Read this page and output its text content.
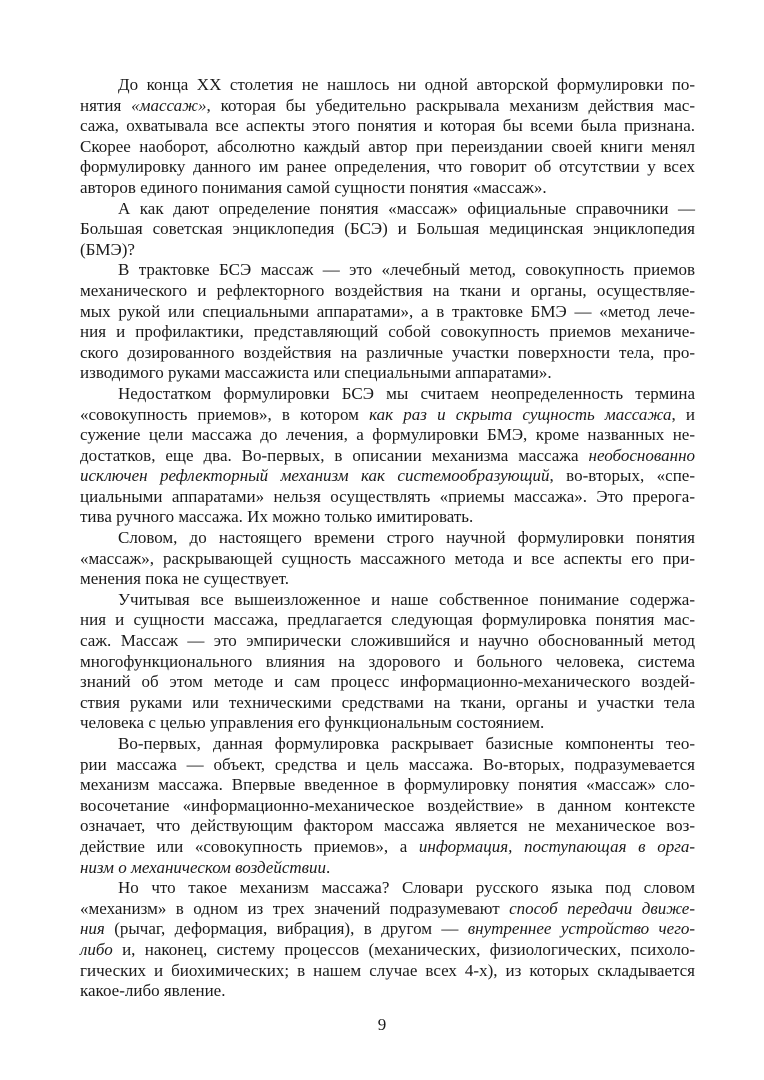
До конца XX столетия не нашлось ни одной авторской формулировки по-
нятия «массаж», которая бы убедительно раскрывала механизм действия мас-
сажа, охватывала все аспекты этого понятия и которая бы всеми была признана.
Скорее наоборот, абсолютно каждый автор при переиздании своей книги менял
формулировку данного им ранее определения, что говорит об отсутствии у всех
авторов единого понимания самой сущности понятия «массаж».
А как дают определение понятия «массаж» официальные справочники —
Большая советская энциклопедия (БСЭ) и Большая медицинская энциклопедия
(БМЭ)?
В трактовке БСЭ массаж — это «лечебный метод, совокупность приемов
механического и рефлекторного воздействия на ткани и органы, осуществляе-
мых рукой или специальными аппаратами», а в трактовке БМЭ — «метод лече-
ния и профилактики, представляющий собой совокупность приемов механиче-
ского дозированного воздействия на различные участки поверхности тела, про-
изводимого руками массажиста или специальными аппаратами».
Недостатком формулировки БСЭ мы считаем неопределенность термина
«совокупность приемов», в котором как раз и скрыта сущность массажа, и
сужение цели массажа до лечения, а формулировки БМЭ, кроме названных не-
достатков, еще два. Во-первых, в описании механизма массажа необоснованно
исключен рефлекторный механизм как системообразующий, во-вторых, «спе-
циальными аппаратами» нельзя осуществлять «приемы массажа». Это прерога-
тива ручного массажа. Их можно только имитировать.
Словом, до настоящего времени строго научной формулировки понятия
«массаж», раскрывающей сущность массажного метода и все аспекты его при-
менения пока не существует.
Учитывая все вышеизложенное и наше собственное понимание содержа-
ния и сущности массажа, предлагается следующая формулировка понятия мас-
саж. Массаж — это эмпирически сложившийся и научно обоснованный метод
многофункционального влияния на здорового и больного человека, система
знаний об этом методе и сам процесс информационно-механического воздей-
ствия руками или техническими средствами на ткани, органы и участки тела
человека с целью управления его функциональным состоянием.
Во-первых, данная формулировка раскрывает базисные компоненты тео-
рии массажа — объект, средства и цель массажа. Во-вторых, подразумевается
механизм массажа. Впервые введенное в формулировку понятия «массаж» сло-
восочетание «информационно-механическое воздействие» в данном контексте
означает, что действующим фактором массажа является не механическое воз-
действие или «совокупность приемов», а информация, поступающая в орга-
низм о механическом воздействии.
Но что такое механизм массажа? Словари русского языка под словом
«механизм» в одном из трех значений подразумевают способ передачи движе-
ния (рычаг, деформация, вибрация), в другом — внутреннее устройство чего-
либо и, наконец, систему процессов (механических, физиологических, психоло-
гических и биохимических; в нашем случае всех 4-х), из которых складывается
какое-либо явление.
9
